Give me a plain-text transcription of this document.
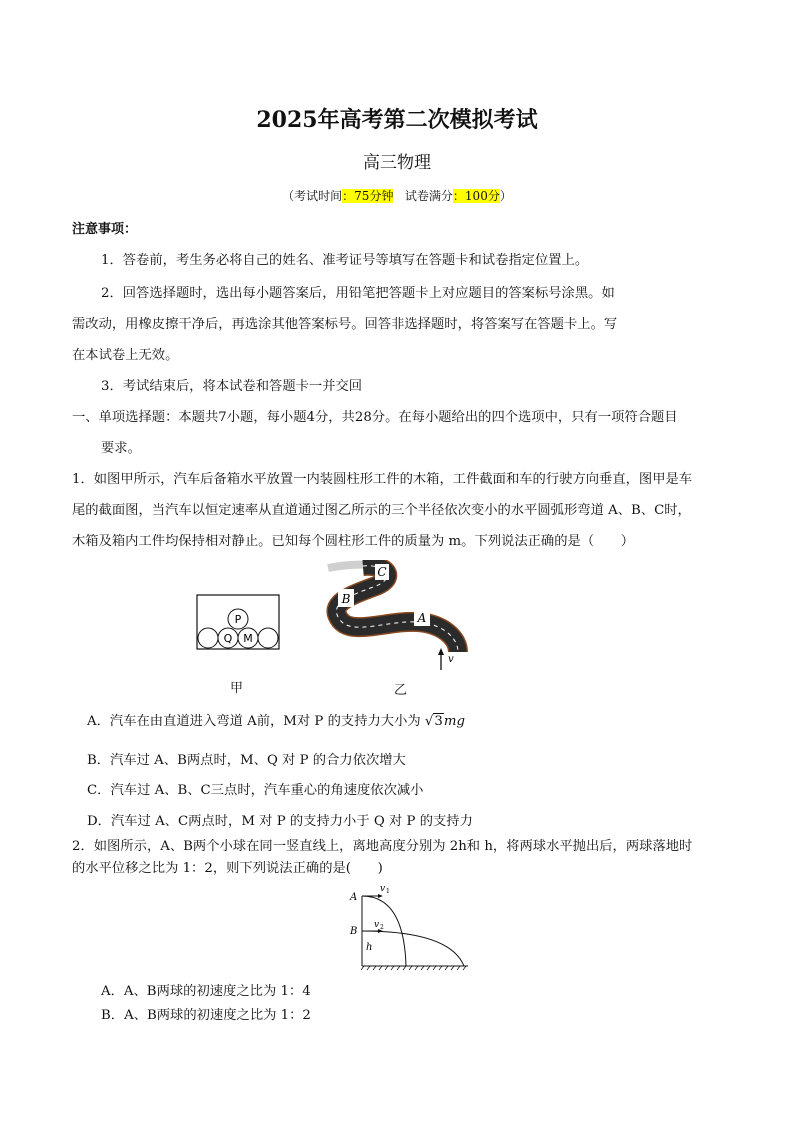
2025年高考第二次模拟考试
高三物理
（考试时间：75分钟 试卷满分：100分）
注意事项：
1．答卷前，考生务必将自己的姓名、准考证号等填写在答题卡和试卷指定位置上。
2．回答选择题时，选出每小题答案后，用铅笔把答题卡上对应题目的答案标号涂黑。如
需改动，用橡皮擦干净后，再选涂其他答案标号。回答非选择题时，将答案写在答题卡上。写
在本试卷上无效。
3．考试结束后，将本试卷和答题卡一并交回
一、单项选择题：本题共7小题，每小题4分，共28分。在每小题给出的四个选项中，只有一项符合题目
要求。
1．如图甲所示，汽车后备箱水平放置一内装圆柱形工件的木箱，工件截面和车的行驶方向垂直，图甲是车
尾的截面图，当汽车以恒定速率从直道通过图乙所示的三个半径依次变小的水平圆弧形弯道 A、B、C时，
木箱及箱内工件均保持相对静止。已知每个圆柱形工件的质量为 m。下列说法正确的是（　　）
P
Q M
C
B
A
v
甲	乙
A．汽车在由直道进入弯道 A前，M对 P 的支持力大小为 √3mg
B．汽车过 A、B两点时，M、Q 对 P 的合力依次增大
C．汽车过 A、B、C三点时，汽车重心的角速度依次减小
D．汽车过 A、C两点时，M 对 P 的支持力小于 Q 对 P 的支持力
2．如图所示，A、B两个小球在同一竖直线上，离地高度分别为 2h和 h，将两球水平抛出后，两球落地时
的水平位移之比为 1：2，则下列说法正确的是(　　)
A
B
h
v 1
v 2
A．A、B两球的初速度之比为 1：4
B．A、B两球的初速度之比为 1：2
